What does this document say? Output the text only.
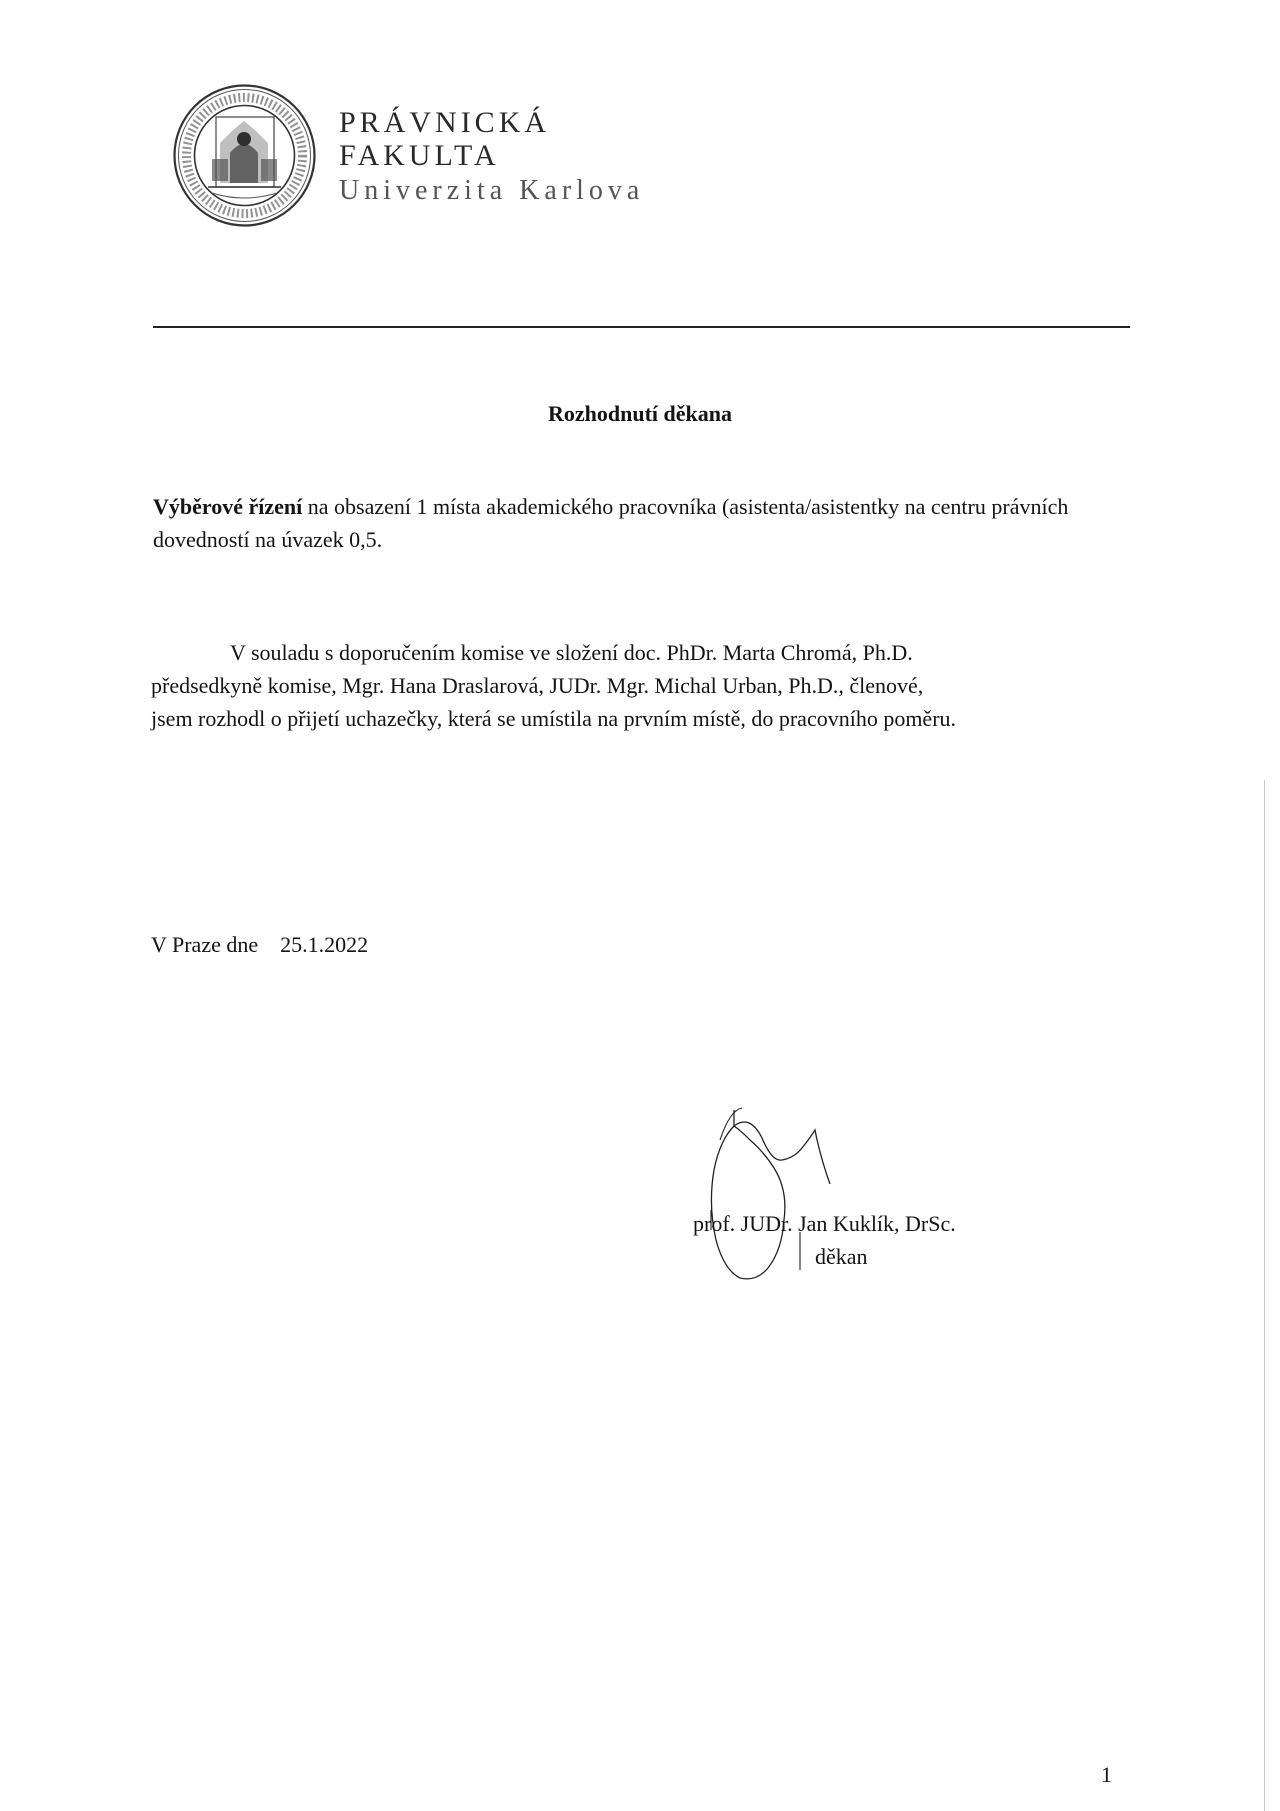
PRÁVNICKÁ
FAKULTA
Univerzita Karlova
Rozhodnutí děkana
Výběrové řízení na obsazení 1 místa akademického pracovníka (asistenta/asistentky na centru právních dovedností na úvazek 0,5.
V souladu s doporučením komise ve složení doc. PhDr. Marta Chromá, Ph.D.
předsedkyně komise, Mgr. Hana Draslarová, JUDr. Mgr. Michal Urban, Ph.D., členové,
jsem rozhodl o přijetí uchazečky, která se umístila na prvním místě, do pracovního poměru.
V Praze dne    25.1.2022
prof. JUDr. Jan Kuklík, DrSc.
děkan
1
